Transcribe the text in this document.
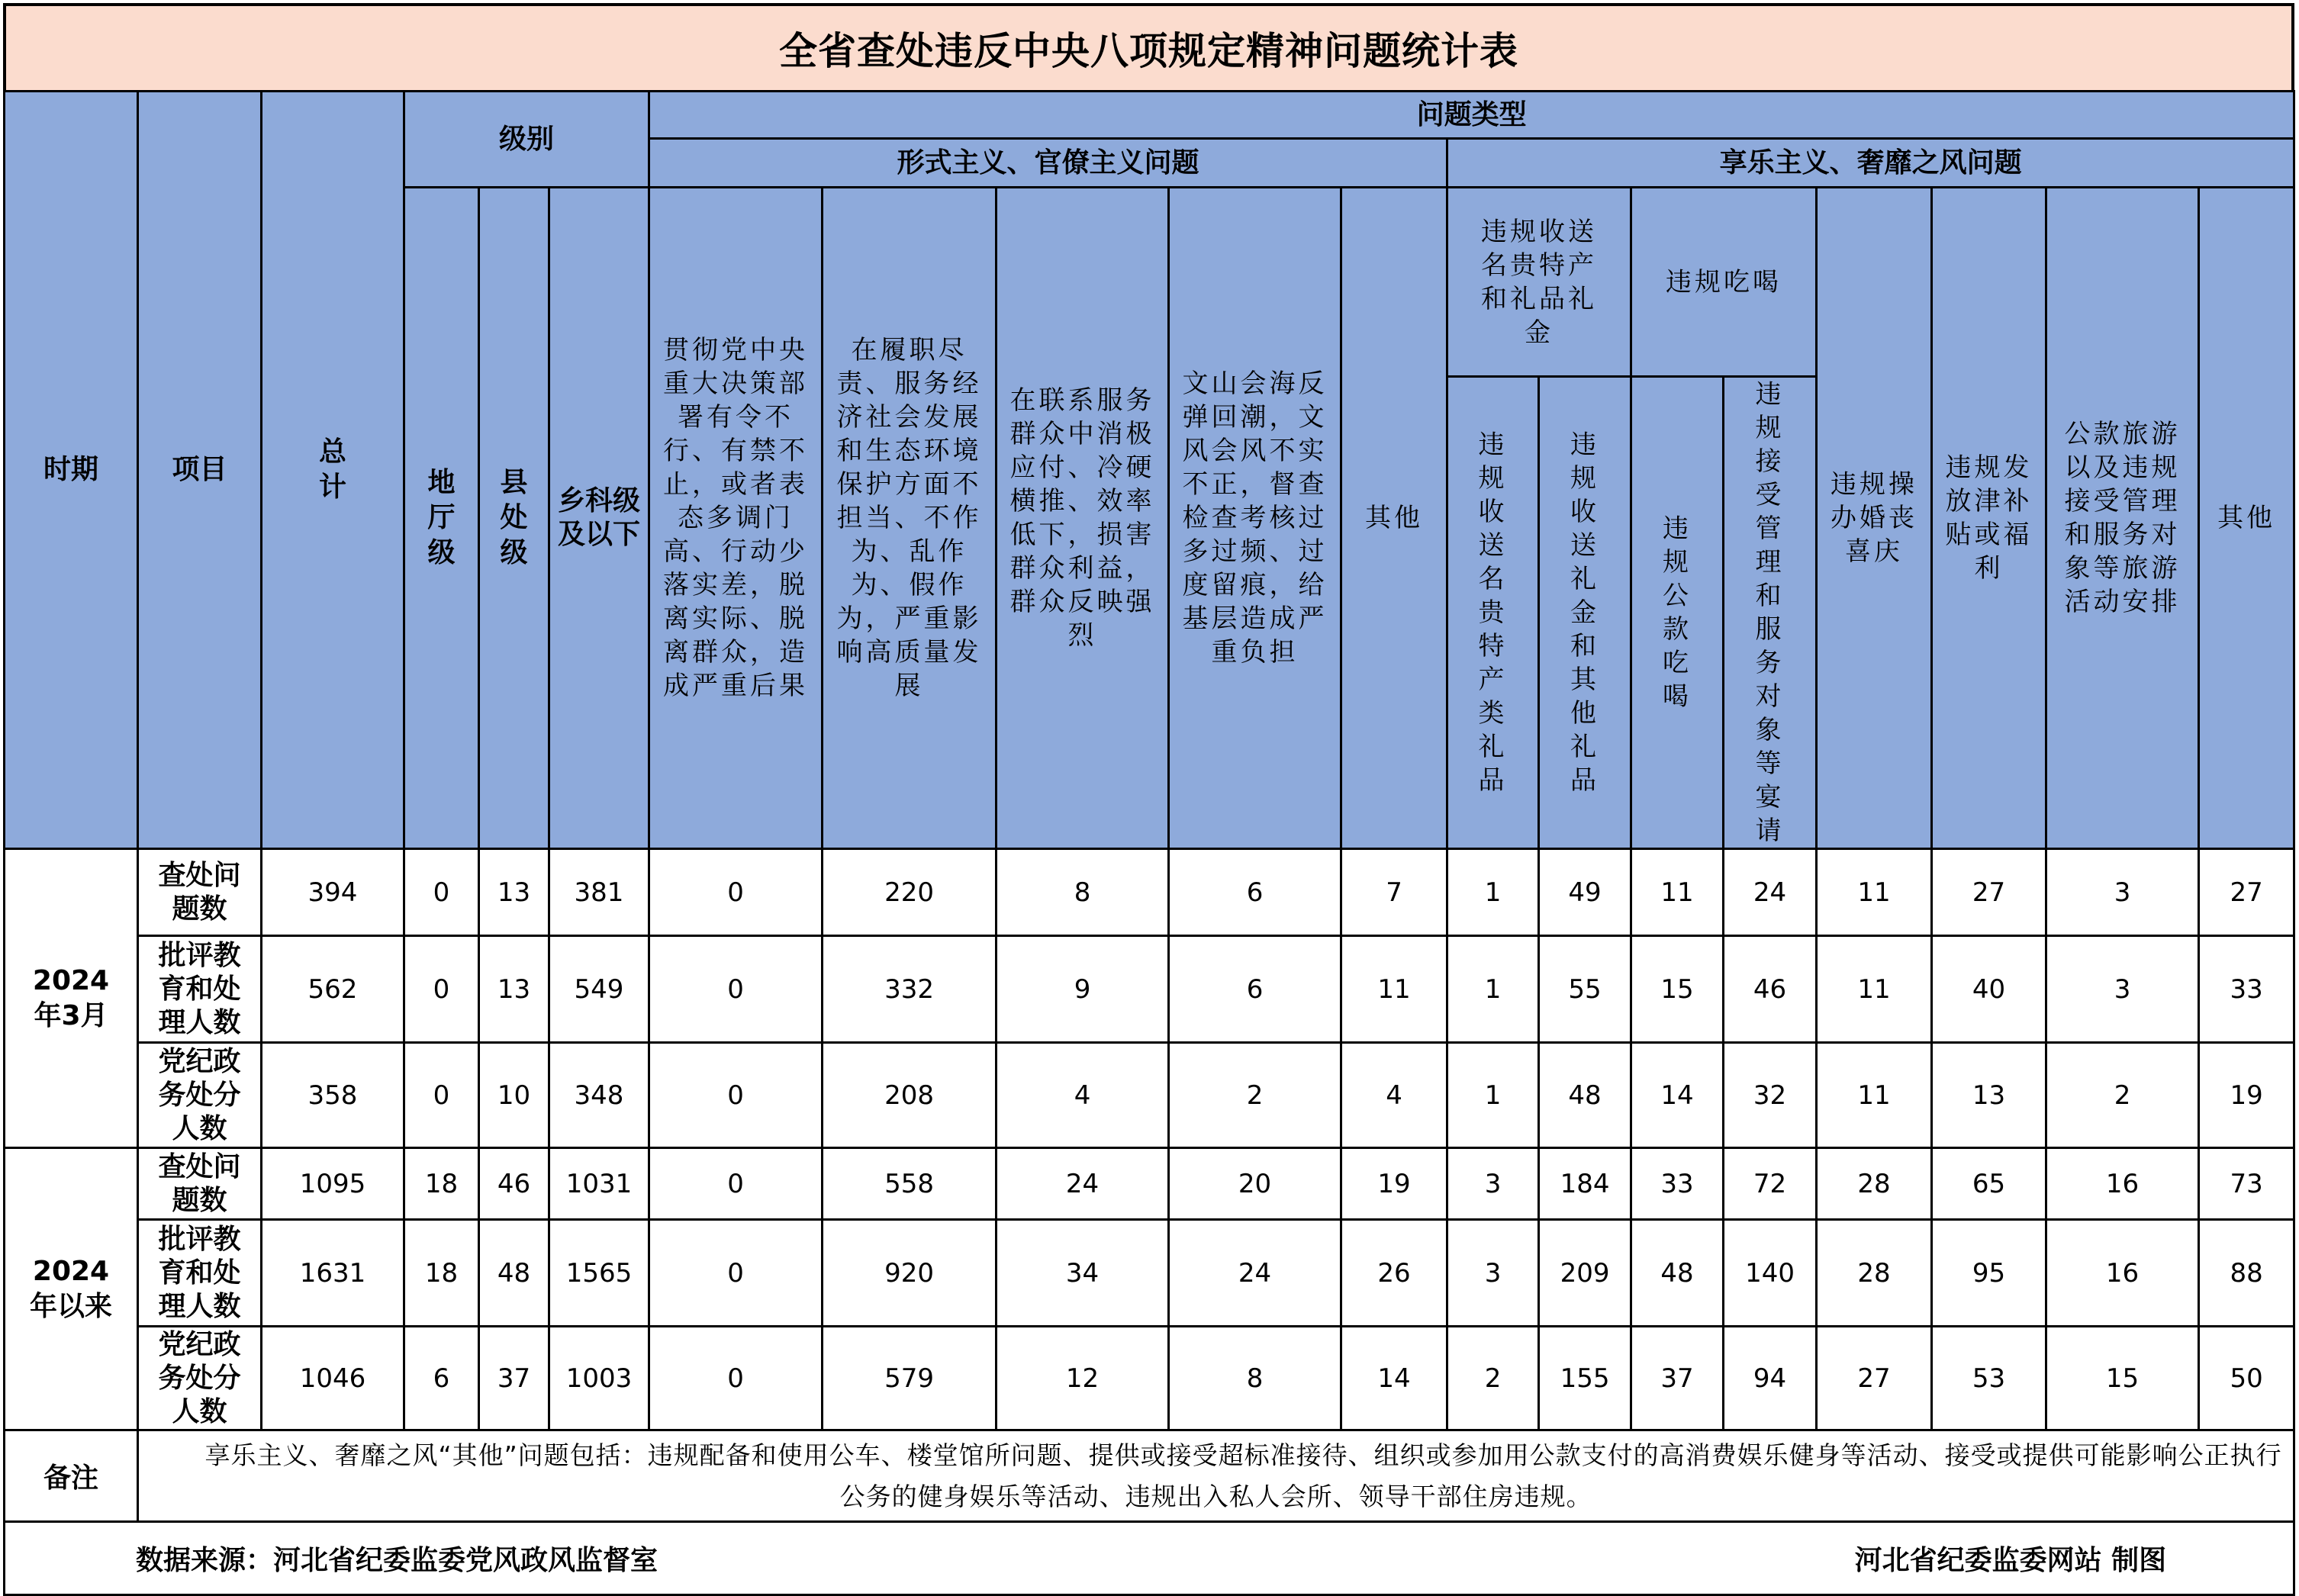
全省查处违反中央八项规定精神问题统计表
时期	项目	总计	级别			问题类型												
						形式主义、官僚主义问题					享乐主义、奢靡之风问题							
			地厅级	县处级	乡科级及以下	贯彻党中央重大决策部署有令不行、有禁不止，或者表态多调门高、行动少落实差，脱离实际、脱离群众，造成严重后果	在履职尽责、服务经济社会发展和生态环境保护方面不担当、不作为、乱作为、假作为，严重影响高质量发展	在联系服务群众中消极应付、冷硬横推、效率低下，损害群众利益，群众反映强烈	文山会海反弹回潮，文风会风不实不正，督查检查考核过多过频、过度留痕，给基层造成严重负担	其他	违规收送名贵特产和礼品礼金		违规吃喝		违规操办婚丧喜庆	违规发放津补贴或福利	公款旅游以及违规接受管理和服务对象等旅游活动安排	其他
											违规收送名贵特产类礼品	违规收送礼金和其他礼品	违规公款吃喝	违规接受管理和服务对象等宴请				
2024年3月	查处问题数	394	0	13	381	0	220	8	6	7	1	49	11	24	11	27	3	27
	批评教育和处理人数	562	0	13	549	0	332	9	6	11	1	55	15	46	11	40	3	33
	党纪政务处分人数	358	0	10	348	0	208	4	2	4	1	48	14	32	11	13	2	19
2024年以来	查处问题数	1095	18	46	1031	0	558	24	20	19	3	184	33	72	28	65	16	73
	批评教育和处理人数	1631	18	48	1565	0	920	34	24	26	3	209	48	140	28	95	16	88
	党纪政务处分人数	1046	6	37	1003	0	579	12	8	14	2	155	37	94	27	53	15	50
备注	享乐主义、奢靡之风“其他”问题包括：违规配备和使用公车、楼堂馆所问题、提供或接受超标准接待、组织或参加用公款支付的高消费娱乐健身等活动、接受或提供可能影响公正执行公务的健身娱乐等活动、违规出入私人会所、领导干部住房违规。																	

数据来源：河北省纪委监委党风政风监督室 河北省纪委监委网站 制图																		
